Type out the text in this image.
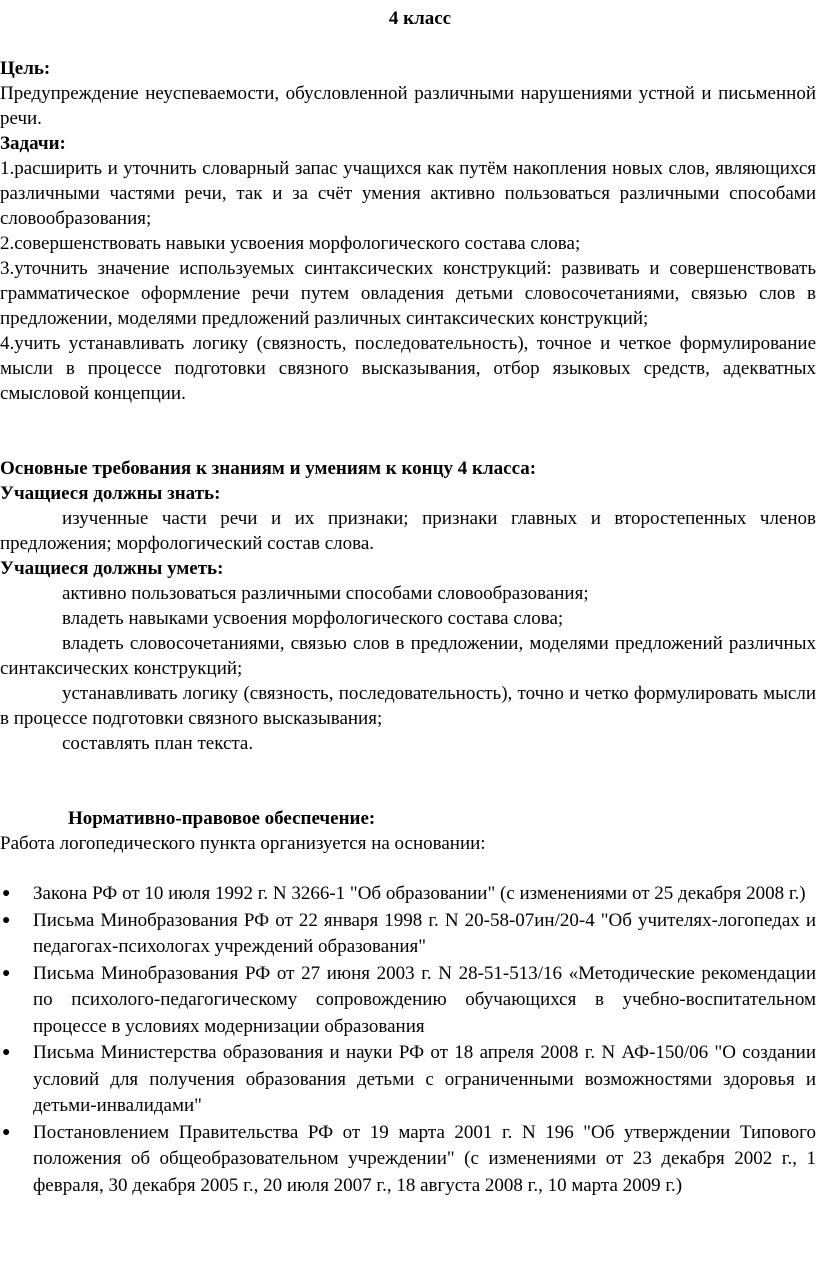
4 класс

Цель:

Предупреждение неуспеваемости, обусловленной различными нарушениями устной и письменной речи.

Задачи:

1.расширить и уточнить словарный запас учащихся как путём накопления новых слов, являющихся различными частями речи, так и за счёт умения активно пользоваться различными способами словообразования;

2.совершенствовать навыки усвоения морфологического состава слова;

3.уточнить значение используемых синтаксических конструкций: развивать и совершенствовать грамматическое оформление речи путем овладения детьми словосочетаниями, связью слов в предложении, моделями предложений различных синтаксических конструкций;

4.учить устанавливать логику (связность, последовательность), точное и четкое формулирование мысли в процессе подготовки связного высказывания, отбор языковых средств, адекватных смысловой концепции.

Основные требования к знаниям и умениям к концу 4 класса:

Учащиеся должны знать:

изученные части речи и их признаки; признаки главных и второстепенных членов предложения; морфологический состав слова.

Учащиеся должны уметь:

активно пользоваться различными способами словообразования;

владеть навыками усвоения морфологического состава слова;

владеть словосочетаниями, связью слов в предложении, моделями предложений различных синтаксических конструкций;

устанавливать логику (связность, последовательность), точно и четко формулировать мысли в процессе подготовки связного высказывания;

составлять план текста.

Нормативно-правовое обеспечение:

Работа логопедического пункта организуется на основании:

● Закона РФ от 10 июля 1992 г. N 3266-1 "Об образовании" (с изменениями от 25 декабря 2008 г.)
● Письма Минобразования РФ от 22 января 1998 г. N 20-58-07ин/20-4 "Об учителях-логопедах и педагогах-психологах учреждений образования"
● Письма Минобразования РФ от 27 июня 2003 г. N 28-51-513/16 «Методические рекомендации по психолого-педагогическому сопровождению обучающихся в учебно-воспитательном процессе в условиях модернизации образования
● Письма Министерства образования и науки РФ от 18 апреля 2008 г. N АФ-150/06 "О создании условий для получения образования детьми с ограниченными возможностями здоровья и детьми-инвалидами"
● Постановлением Правительства РФ от 19 марта 2001 г. N 196 "Об утверждении Типового положения об общеобразовательном учреждении" (с изменениями от 23 декабря 2002 г., 1 февраля, 30 декабря 2005 г., 20 июля 2007 г., 18 августа 2008 г., 10 марта 2009 г.)
